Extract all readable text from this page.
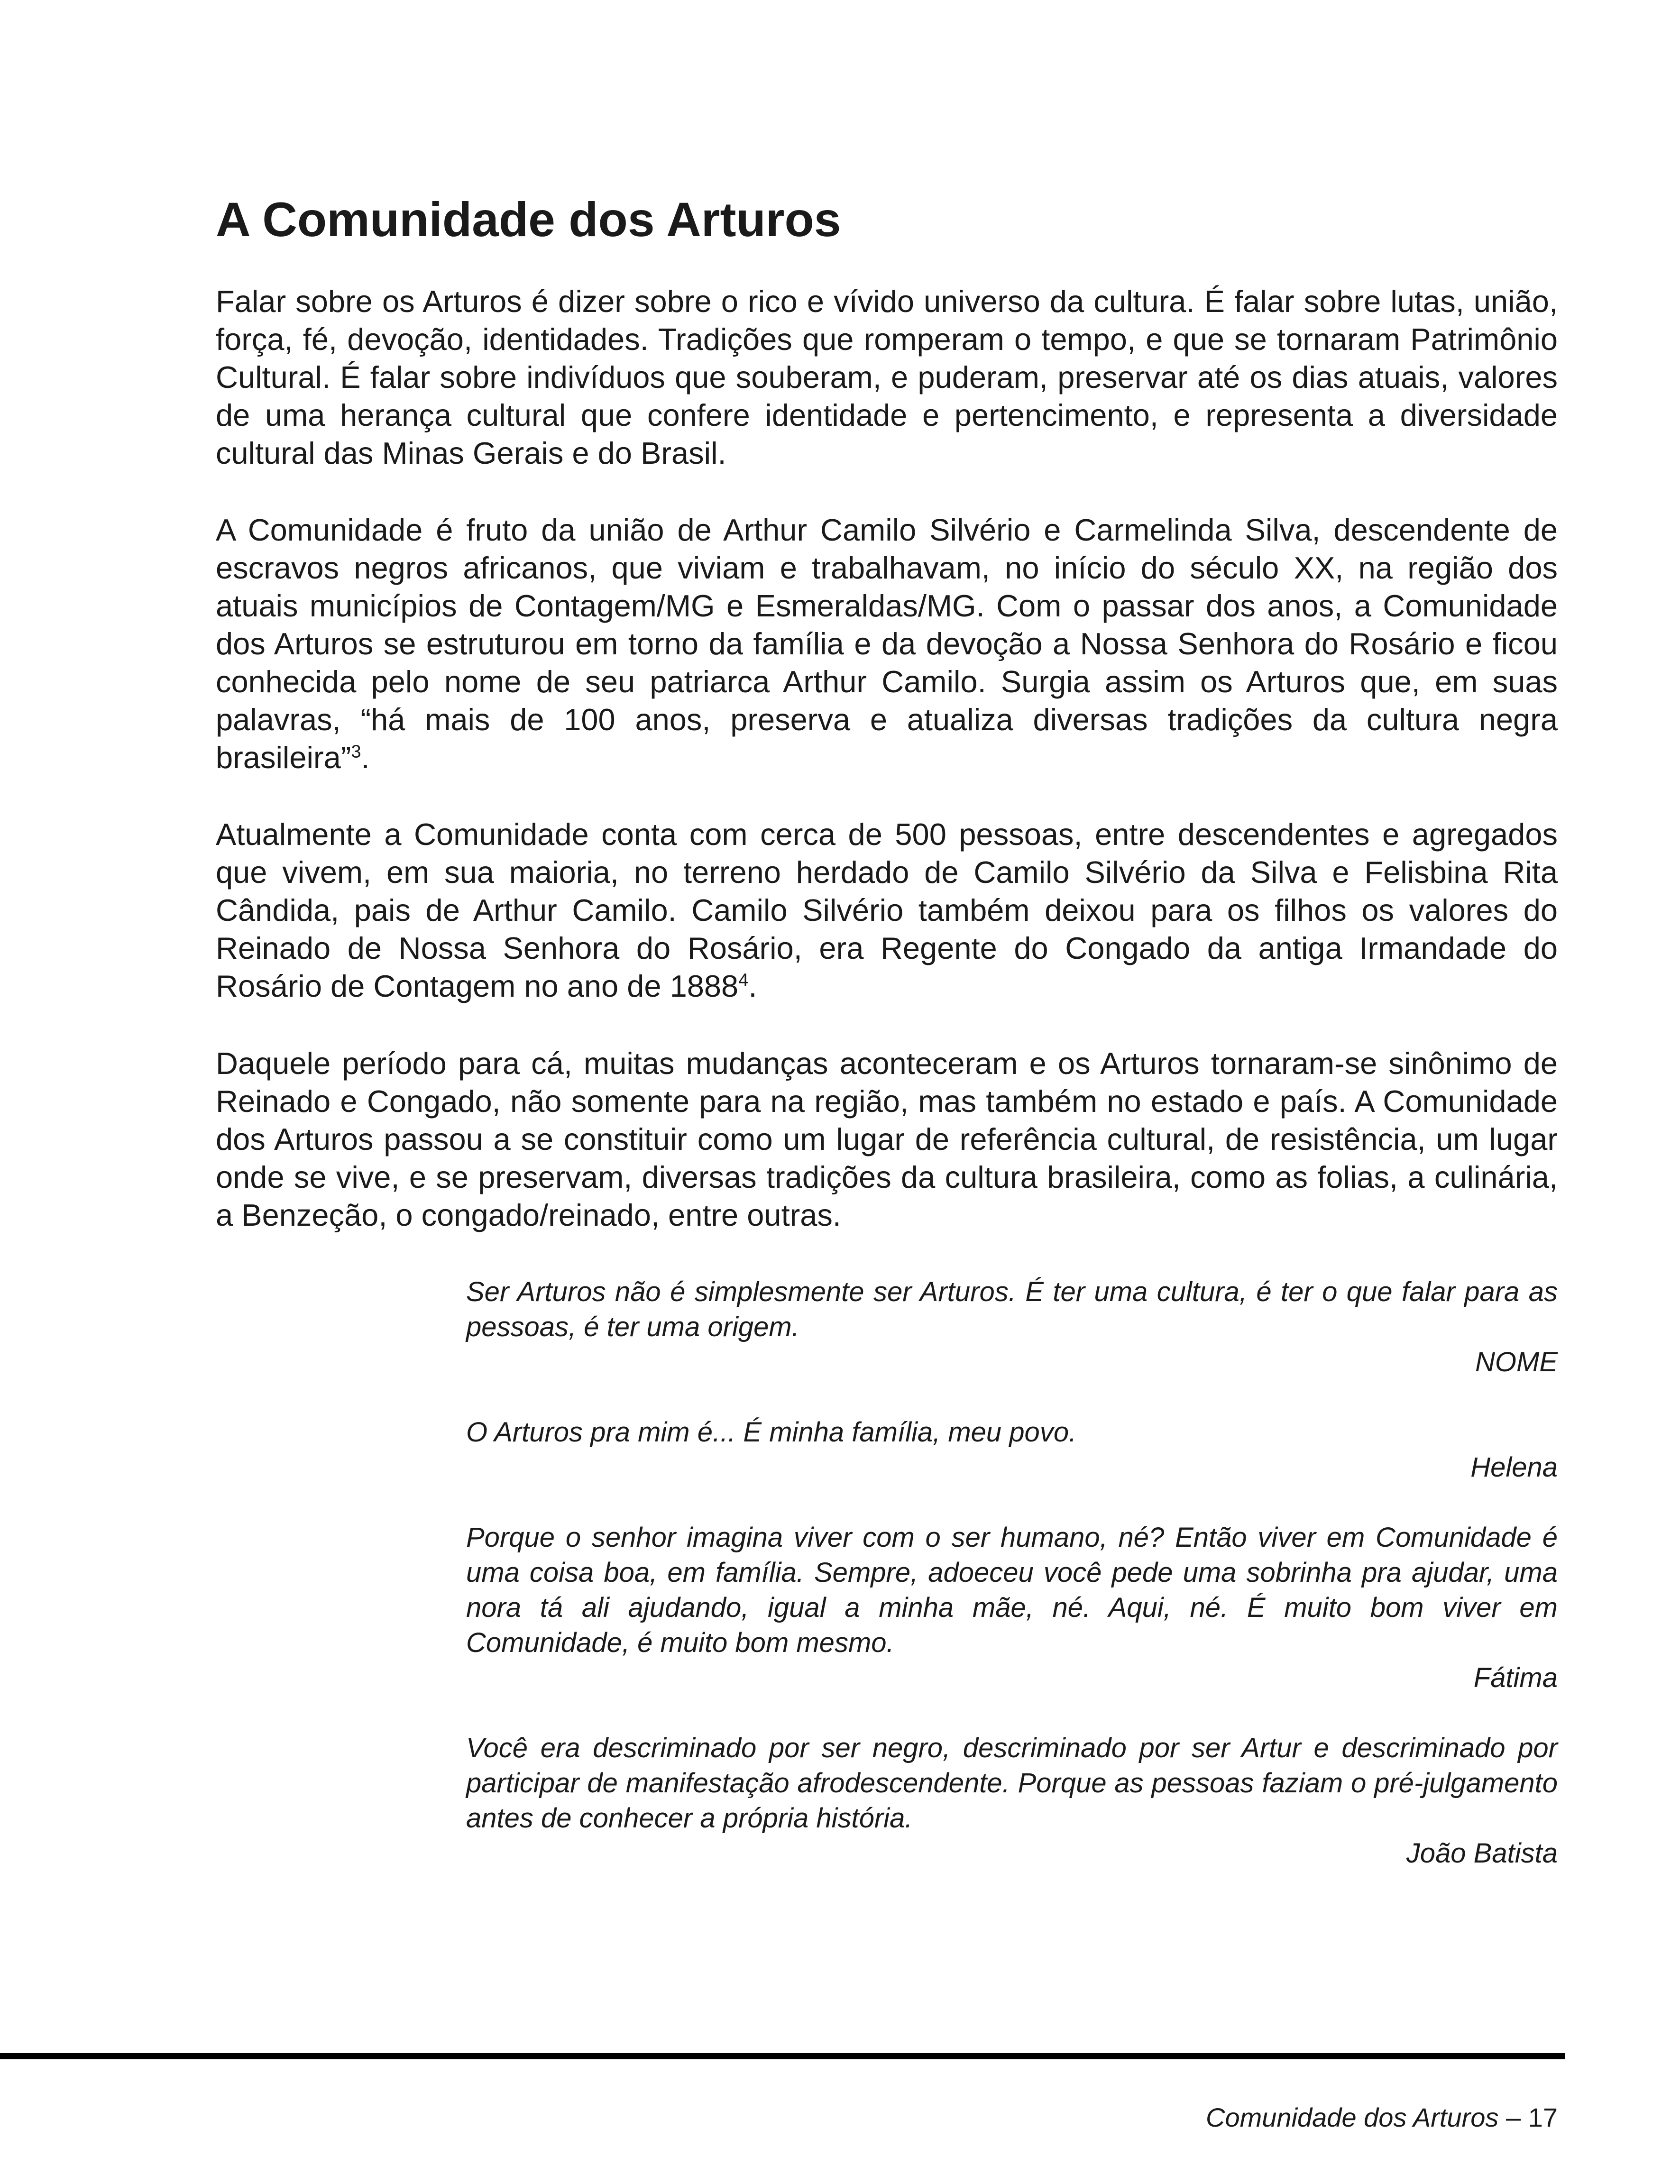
A Comunidade dos Arturos

Falar sobre os Arturos é dizer sobre o rico e vívido universo da cultura. É falar sobre lutas, união, força, fé, devoção, identidades. Tradições que romperam o tempo, e que se tornaram Patrimônio Cultural. É falar sobre indivíduos que souberam, e puderam, preservar até os dias atuais, valores de uma herança cultural que confere identidade e pertencimento, e representa a diversidade cultural das Minas Gerais e do Brasil.

A Comunidade é fruto da união de Arthur Camilo Silvério e Carmelinda Silva, descendente de escravos negros africanos, que viviam e trabalhavam, no início do século XX, na região dos atuais municípios de Contagem/MG e Esmeraldas/MG. Com o passar dos anos, a Comunidade dos Arturos se estruturou em torno da família e da devoção a Nossa Senhora do Rosário e ficou conhecida pelo nome de seu patriarca Arthur Camilo. Surgia assim os Arturos que, em suas palavras, “há mais de 100 anos, preserva e atualiza diversas tradições da cultura negra brasileira”$^3$.

Atualmente a Comunidade conta com cerca de 500 pessoas, entre descendentes e agregados que vivem, em sua maioria, no terreno herdado de Camilo Silvério da Silva e Felisbina Rita Cândida, pais de Arthur Camilo. Camilo Silvério também deixou para os filhos os valores do Reinado de Nossa Senhora do Rosário, era Regente do Congado da antiga Irmandade do Rosário de Contagem no ano de 1888$^4$.

Daquele período para cá, muitas mudanças aconteceram e os Arturos tornaram-se sinônimo de Reinado e Congado, não somente para na região, mas também no estado e país. A Comunidade dos Arturos passou a se constituir como um lugar de referência cultural, de resistência, um lugar onde se vive, e se preservam, diversas tradições da cultura brasileira, como as folias, a culinária, a Benzeção, o congado/reinado, entre outras.

Ser Arturos não é simplesmente ser Arturos. É ter uma cultura, é ter o que falar para as pessoas, é ter uma origem.

NOME

O Arturos pra mim é... É minha família, meu povo.

Helena

Porque o senhor imagina viver com o ser humano, né? Então viver em Comunidade é uma coisa boa, em família. Sempre, adoeceu você pede uma sobrinha pra ajudar, uma nora tá ali ajudando, igual a minha mãe, né. Aqui, né. É muito bom viver em Comunidade, é muito bom mesmo.

Fátima

Você era descriminado por ser negro, descriminado por ser Artur e descriminado por participar de manifestação afrodescendente. Porque as pessoas faziam o pré-julgamento antes de conhecer a própria história.

João Batista

Comunidade dos Arturos – 17
